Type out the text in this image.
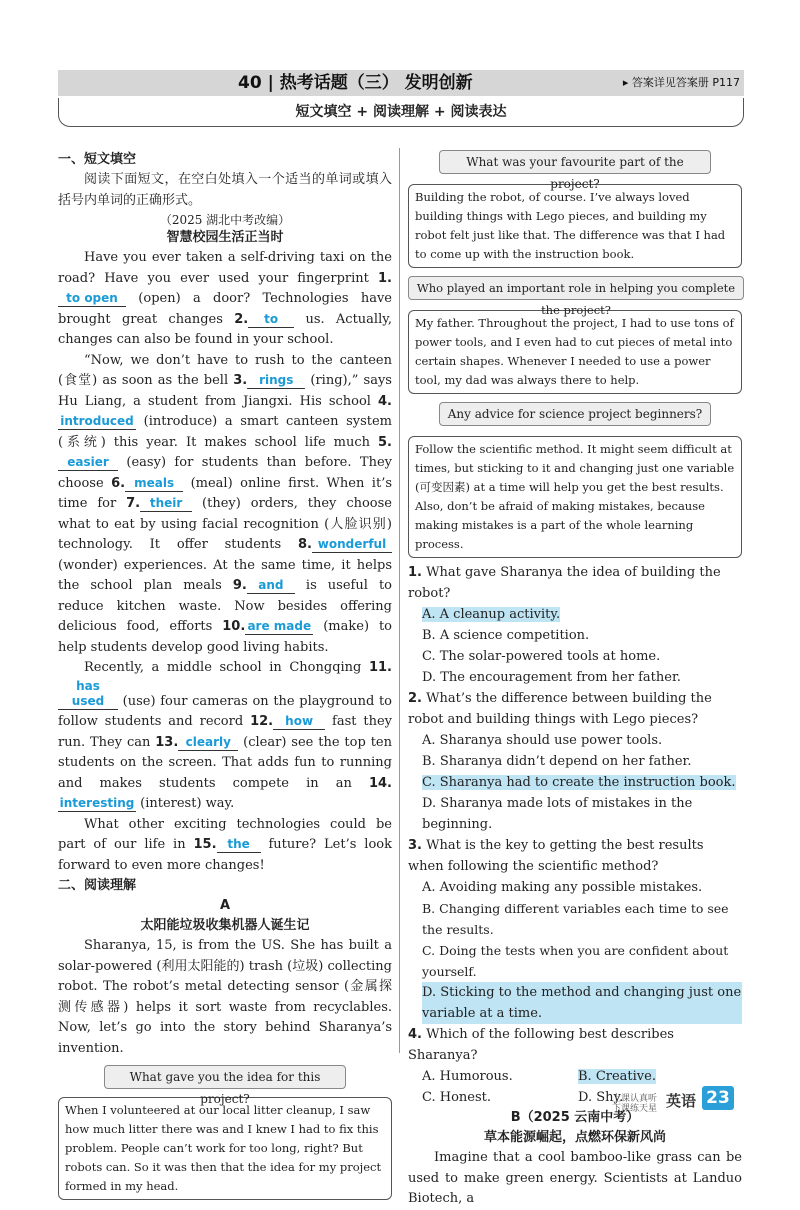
40 | 热考话题（三） 发明创新	▸ 答案详见答案册 P117
短文填空 + 阅读理解 + 阅读表达

一、短文填空

阅读下面短文，在空白处填入一个适当的单词或填入括号内单词的正确形式。

（2025 湖北中考改编）

智慧校园生活正当时

Have you ever taken a self-driving taxi on the road? Have you ever used your fingerprint 1.to open (open) a door? Technologies have brought great changes 2. to us. Actually, changes can also be found in your school.

“Now, we don’t have to rush to the canteen (食堂) as soon as the bell 3. rings (ring),” says Hu Liang, a student from Jiangxi. His school 4.introduced (introduce) a smart canteen system (系统) this year. It makes school life much 5.easier (easy) for students than before. They choose 6. meals (meal) online first. When it’s time for 7. their (they) orders, they choose what to eat by using facial recognition (人脸识别) technology. It offer students 8. wonderful (wonder) experiences. At the same time, it helps the school plan meals 9. and is useful to reduce kitchen waste. Now besides offering delicious food, efforts 10. are made (make) to help students develop good living habits.

Recently, a middle school in Chongqing 11.has used (use) four cameras on the playground to follow students and record 12. how fast they run. They can 13. clearly (clear) see the top ten students on the screen. That adds fun to running and makes students compete in an 14.interesting (interest) way.

What other exciting technologies could be part of our life in 15. the future? Let’s look forward to even more changes!

二、阅读理解

A

太阳能垃圾收集机器人诞生记

Sharanya, 15, is from the US. She has built a solar-powered (利用太阳能的) trash (垃圾) collecting robot. The robot’s metal detecting sensor (金属探测传感器) helps it sort waste from recyclables. Now, let’s go into the story behind Sharanya’s invention.

What gave you the idea for this project?
When I volunteered at our local litter cleanup, I saw how much litter there was and I knew I had to fix this problem. People can’t work for too long, right? But robots can. So it was then that the idea for my project formed in my head.
What was your favourite part of the project?
Building the robot, of course. I’ve always loved building things with Lego pieces, and building my robot felt just like that. The difference was that I had to come up with the instruction book.
Who played an important role in helping you complete the project?
My father. Throughout the project, I had to use tons of power tools, and I even had to cut pieces of metal into certain shapes. Whenever I needed to use a power tool, my dad was always there to help.
Any advice for science project beginners?
Follow the scientific method. It might seem difficult at times, but sticking to it and changing just one variable (可变因素) at a time will help you get the best results. Also, don’t be afraid of making mistakes, because making mistakes is a part of the whole learning process.

1. What gave Sharanya the idea of building the robot?

A. A cleanup activity.

B. A science competition.

C. The solar-powered tools at home.

D. The encouragement from her father.

2. What’s the difference between building the robot and building things with Lego pieces?

A. Sharanya should use power tools.

B. Sharanya didn’t depend on her father.

C. Sharanya had to create the instruction book.

D. Sharanya made lots of mistakes in the beginning.

3. What is the key to getting the best results when following the scientific method?

A. Avoiding making any possible mistakes.

B. Changing different variables each time to see the results.

C. Doing the tests when you are confident about yourself.

D. Sticking to the method and changing just one variable at a time.

4. Which of the following best describes Sharanya?

A. Humorous.	B. Creative.

C. Honest.	D. Shy.

B（2025 云南中考）

草本能源崛起，点燃环保新风尚

Imagine that a cool bamboo-like grass can be used to make green energy. Scientists at Landuo Biotech, a

上课认真听
下课练天星 英语 23
